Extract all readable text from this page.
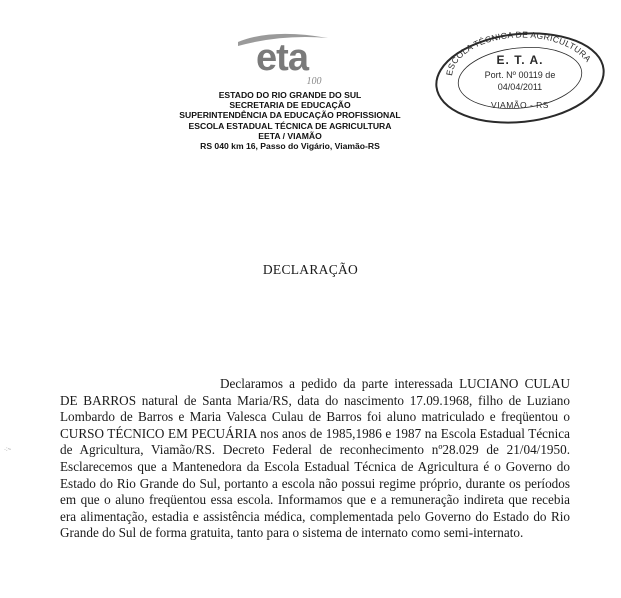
eta
100
ESTADO DO RIO GRANDE DO SUL
SECRETARIA DE EDUCAÇÃO
SUPERINTENDÊNCIA DA EDUCAÇÃO PROFISSIONAL
ESCOLA ESTADUAL TÉCNICA DE AGRICULTURA
EETA / VIAMÃO
RS 040 km 16, Passo do Vigário, Viamão-RS
ESCOLA TÉCNICA DE AGRICULTURA
E. T. A.
Port. Nº 00119 de
04/04/2011
VIAMÃO - RS
DECLARAÇÃO
·:~

Declaramos a pedido da parte interessada LUCIANO CULAU DE BARROS natural de Santa Maria/RS, data do nascimento 17.09.1968, filho de Luziano Lombardo de Barros e Maria Valesca Culau de Barros foi aluno matriculado e freqüentou o CURSO TÉCNICO EM PECUÁRIA nos anos de 1985,1986 e 1987 na Escola Estadual Técnica de Agricultura, Viamão/RS. Decreto Federal de reconhecimento nº28.029 de 21/04/1950. Esclarecemos que a Mantenedora da Escola Estadual Técnica de Agricultura é o Governo do Estado do Rio Grande do Sul, portanto a escola não possui regime próprio, durante os períodos em que o aluno freqüentou essa escola. Informamos que e a remuneração indireta que recebia era alimentação, estadia e assistência médica, complementada pelo Governo do Estado do Rio Grande do Sul de forma gratuita, tanto para o sistema de internato como semi-internato.
